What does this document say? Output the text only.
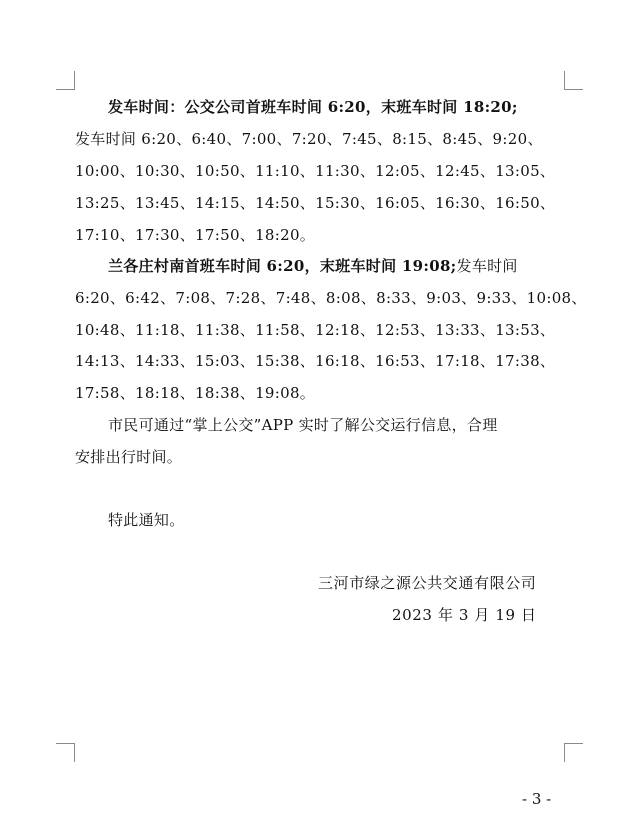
发车时间：公交公司首班车时间 6:20，末班车时间 18:20;
发车时间 6:20、6:40、7:00、7:20、7:45、8:15、8:45、9:20、
10:00、10:30、10:50、11:10、11:30、12:05、12:45、13:05、
13:25、13:45、14:15、14:50、15:30、16:05、16:30、16:50、
17:10、17:30、17:50、18:20。
兰各庄村南首班车时间 6:20，末班车时间 19:08;发车时间
6:20、6:42、7:08、7:28、7:48、8:08、8:33、9:03、9:33、10:08、
10:48、11:18、11:38、11:58、12:18、12:53、13:33、13:53、
14:13、14:33、15:03、15:38、16:18、16:53、17:18、17:38、
17:58、18:18、18:38、19:08。
市民可通过“掌上公交”APP 实时了解公交运行信息，合理
安排出行时间。
特此通知。
三河市绿之源公共交通有限公司
2023 年 3 月 19 日
- 3 -
